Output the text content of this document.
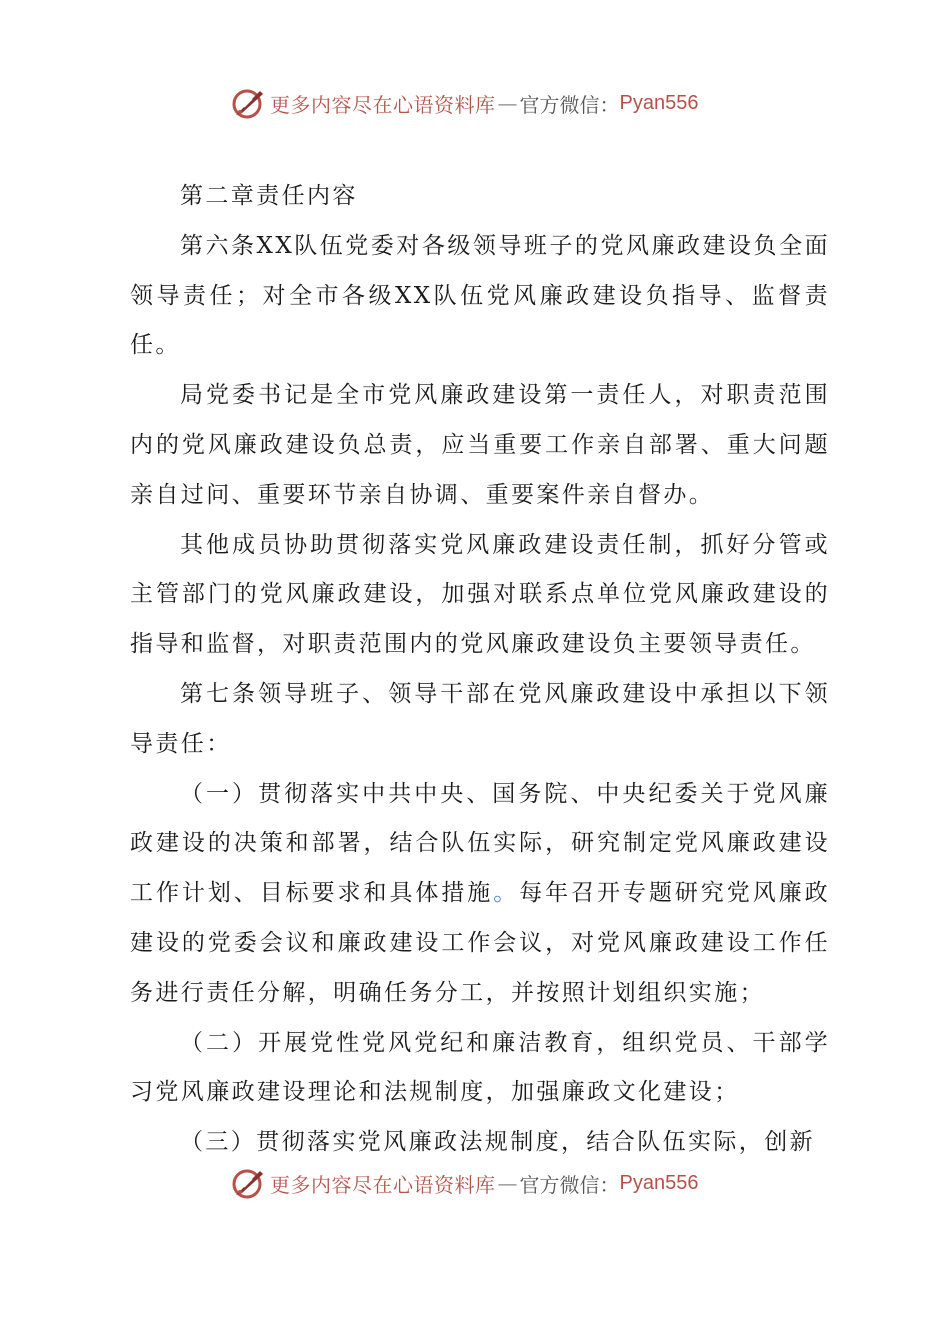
更多内容尽在心语资料库 — 官方微信： Pyan556

第二章责任内容

第六条XX队伍党委对各级领导班子的党风廉政建设负全面领导责任；对全市各级XX队伍党风廉政建设负指导、监督责任。

局党委书记是全市党风廉政建设第一责任人，对职责范围内的党风廉政建设负总责，应当重要工作亲自部署、重大问题亲自过问、重要环节亲自协调、重要案件亲自督办。

其他成员协助贯彻落实党风廉政建设责任制，抓好分管或主管部门的党风廉政建设，加强对联系点单位党风廉政建设的指导和监督，对职责范围内的党风廉政建设负主要领导责任。

第七条领导班子、领导干部在党风廉政建设中承担以下领导责任：

（一）贯彻落实中共中央、国务院、中央纪委关于党风廉政建设的决策和部署，结合队伍实际，研究制定党风廉政建设工作计划、目标要求和具体措施。每年召开专题研究党风廉政建设的党委会议和廉政建设工作会议，对党风廉政建设工作任务进行责任分解，明确任务分工，并按照计划组织实施；

（二）开展党性党风党纪和廉洁教育，组织党员、干部学习党风廉政建设理论和法规制度，加强廉政文化建设；

（三）贯彻落实党风廉政法规制度，结合队伍实际，创新

更多内容尽在心语资料库 — 官方微信： Pyan556
